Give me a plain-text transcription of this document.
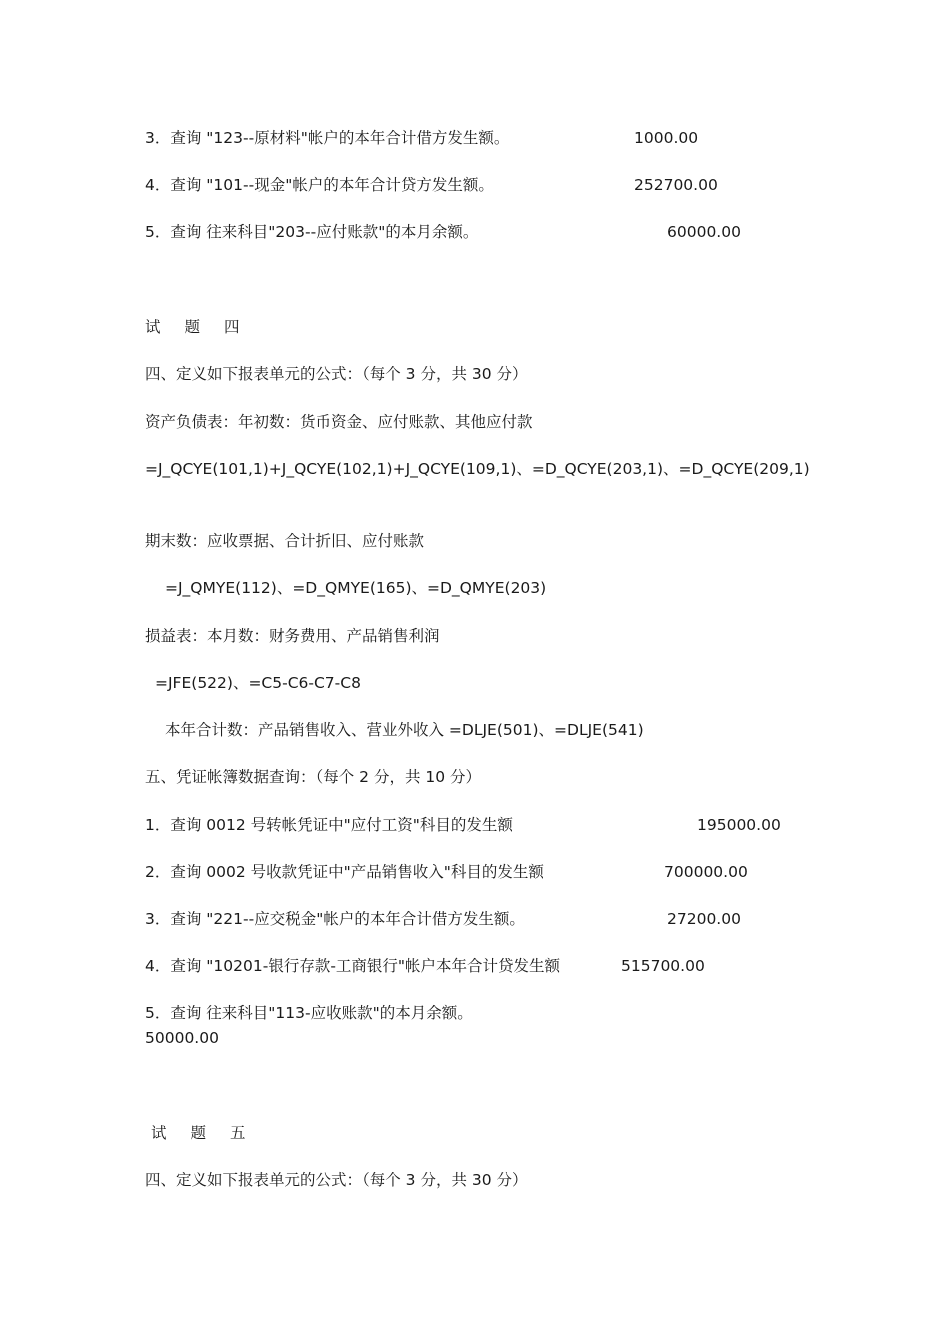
3．查询 "123--原材料"帐户的本年合计借方发生额。	1000.00
4．查询 "101--现金"帐户的本年合计贷方发生额。	252700.00
5．查询 往来科目"203--应付账款"的本月余额。	60000.00
试 题 四
四、定义如下报表单元的公式：（每个 3 分，共 30 分）
资产负债表：年初数：货币资金、应付账款、其他应付款
=J_QCYE(101,1)+J_QCYE(102,1)+J_QCYE(109,1)、=D_QCYE(203,1)、=D_QCYE(209,1)
期末数：应收票据、合计折旧、应付账款
=J_QMYE(112)、=D_QMYE(165)、=D_QMYE(203)
损益表：本月数：财务费用、产品销售利润
=JFE(522)、=C5-C6-C7-C8
本年合计数：产品销售收入、营业外收入 =DLJE(501)、=DLJE(541)
五、凭证帐簿数据查询：（每个 2 分，共 10 分）
1．查询 0012 号转帐凭证中"应付工资"科目的发生额	195000.00
2．查询 0002 号收款凭证中"产品销售收入"科目的发生额	700000.00
3．查询 "221--应交税金"帐户的本年合计借方发生额。	27200.00
4．查询 "10201-银行存款-工商银行"帐户本年合计贷发生额	515700.00
5．查询 往来科目"113-应收账款"的本月余额。
50000.00
试 题 五
四、定义如下报表单元的公式：（每个 3 分，共 30 分）
